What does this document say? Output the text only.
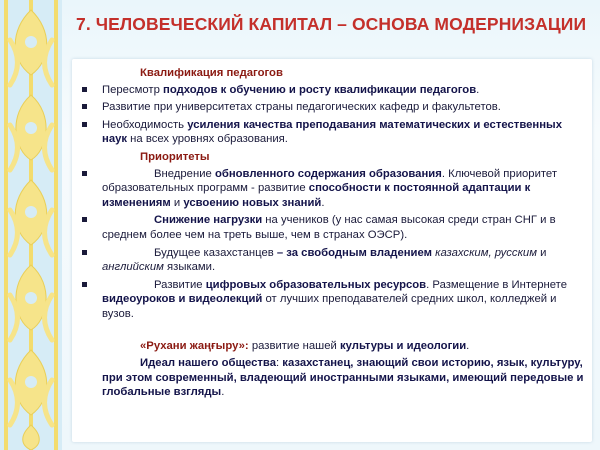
7. ЧЕЛОВЕЧЕСКИЙ КАПИТАЛ – ОСНОВА МОДЕРНИЗАЦИИ
Квалификация педагогов
Пересмотр подходов к обучению и росту квалификации педагогов.
Развитие при университетах страны педагогических кафедр и факультетов.
Необходимость усиления качества преподавания математических и естественных наук на всех уровнях образования.
Приоритеты
Внедрение обновленного содержания образования. Ключевой приоритет образовательных программ - развитие способности к постоянной адаптации к изменениям и усвоению новых знаний.
Снижение нагрузки на учеников (у нас самая высокая среди стран СНГ и в среднем более чем на треть выше, чем в странах ОЭСР).
Будущее казахстанцев – за свободным владением казахским, русским и английским языками.
Развитие цифровых образовательных ресурсов. Размещение в Интернете видеоуроков и видеолекций от лучших преподавателей средних школ, колледжей и вузов.
«Рухани жаңғыру»: развитие нашей культуры и идеологии.
Идеал нашего общества: казахстанец, знающий свои историю, язык, культуру, при этом современный, владеющий иностранными языками, имеющий передовые и глобальные взгляды.
